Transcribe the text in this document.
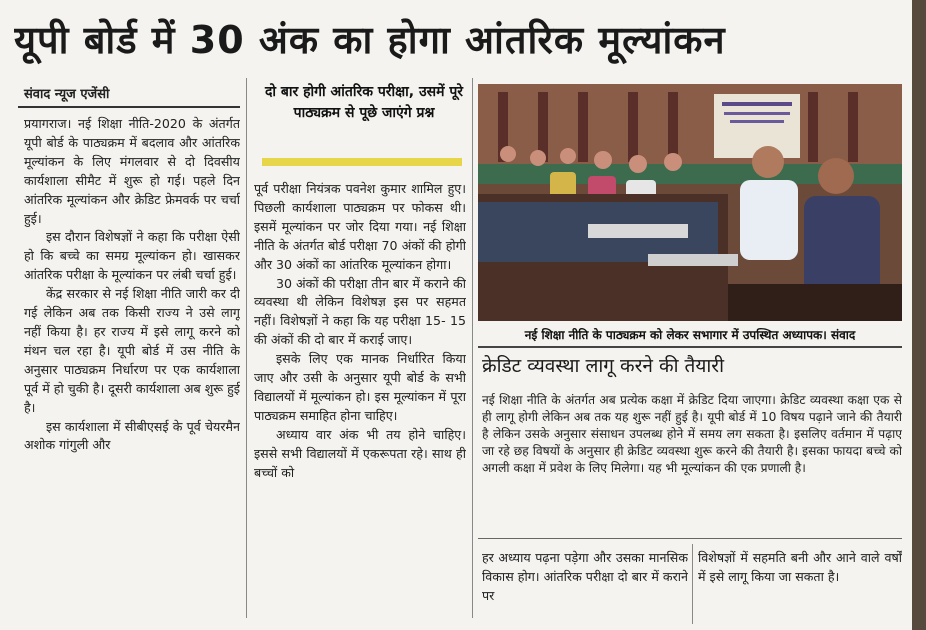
यूपी बोर्ड में 30 अंक का होगा आंतरिक मूल्यांकन
संवाद न्यूज एजेंसी

प्रयागराज। नई शिक्षा नीति-2020 के अंतर्गत यूपी बोर्ड के पाठ्यक्रम में बदलाव और आंतरिक मूल्यांकन के लिए मंगलवार से दो दिवसीय कार्यशाला सीमैट में शुरू हो गई। पहले दिन आंतरिक मूल्यांकन और क्रेडिट फ्रेमवर्क पर चर्चा हुई।

इस दौरान विशेषज्ञों ने कहा कि परीक्षा ऐसी हो कि बच्चे का समग्र मूल्यांकन हो। खासकर आंतरिक परीक्षा के मूल्यांकन पर लंबी चर्चा हुई।

केंद्र सरकार से नई शिक्षा नीति जारी कर दी गई लेकिन अब तक किसी राज्य ने उसे लागू नहीं किया है। हर राज्य में इसे लागू करने को मंथन चल रहा है। यूपी बोर्ड में उस नीति के अनुसार पाठ्यक्रम निर्धारण पर एक कार्यशाला पूर्व में हो चुकी है। दूसरी कार्यशाला अब शुरू हुई है।

इस कार्यशाला में सीबीएसई के पूर्व चेयरमैन अशोक गांगुली और

दो बार होगी आंतरिक परीक्षा, उसमें पूरे पाठ्यक्रम से पूछे जाएंगे प्रश्न

पूर्व परीक्षा नियंत्रक पवनेश कुमार शामिल हुए। पिछली कार्यशाला पाठ्यक्रम पर फोकस थी। इसमें मूल्यांकन पर जोर दिया गया। नई शिक्षा नीति के अंतर्गत बोर्ड परीक्षा 70 अंकों की होगी और 30 अंकों का आंतरिक मूल्यांकन होगा।

30 अंकों की परीक्षा तीन बार में कराने की व्यवस्था थी लेकिन विशेषज्ञ इस पर सहमत नहीं। विशेषज्ञों ने कहा कि यह परीक्षा 15- 15 की अंकों की दो बार में कराई जाए।

इसके लिए एक मानक निर्धारित किया जाए और उसी के अनुसार यूपी बोर्ड के सभी विद्यालयों में मूल्यांकन हो। इस मूल्यांकन में पूरा पाठ्यक्रम समाहित होना चाहिए।

अध्याय वार अंक भी तय होने चाहिए। इससे सभी विद्यालयों में एकरूपता रहे। साथ ही बच्चों को

नई शिक्षा नीति के पाठ्यक्रम को लेकर सभागार में उपस्थित अध्यापक। संवाद
क्रेडिट व्यवस्था लागू करने की तैयारी
नई शिक्षा नीति के अंतर्गत अब प्रत्येक कक्षा में क्रेडिट दिया जाएगा। क्रेडिट व्यवस्था कक्षा एक से ही लागू होगी लेकिन अब तक यह शुरू नहीं हुई है। यूपी बोर्ड में 10 विषय पढ़ाने जाने की तैयारी है लेकिन उसके अनुसार संसाधन उपलब्ध होने में समय लग सकता है। इसलिए वर्तमान में पढ़ाए जा रहे छह विषयों के अनुसार ही क्रेडिट व्यवस्था शुरू करने की तैयारी है। इसका फायदा बच्चे को अगली कक्षा में प्रवेश के लिए मिलेगा। यह भी मूल्यांकन की एक प्रणाली है।
हर अध्याय पढ़ना पड़ेगा और उसका मानसिक विकास होग। आंतरिक परीक्षा दो बार में कराने पर
विशेषज्ञों में सहमति बनी और आने वाले वर्षों में इसे लागू किया जा सकता है।
